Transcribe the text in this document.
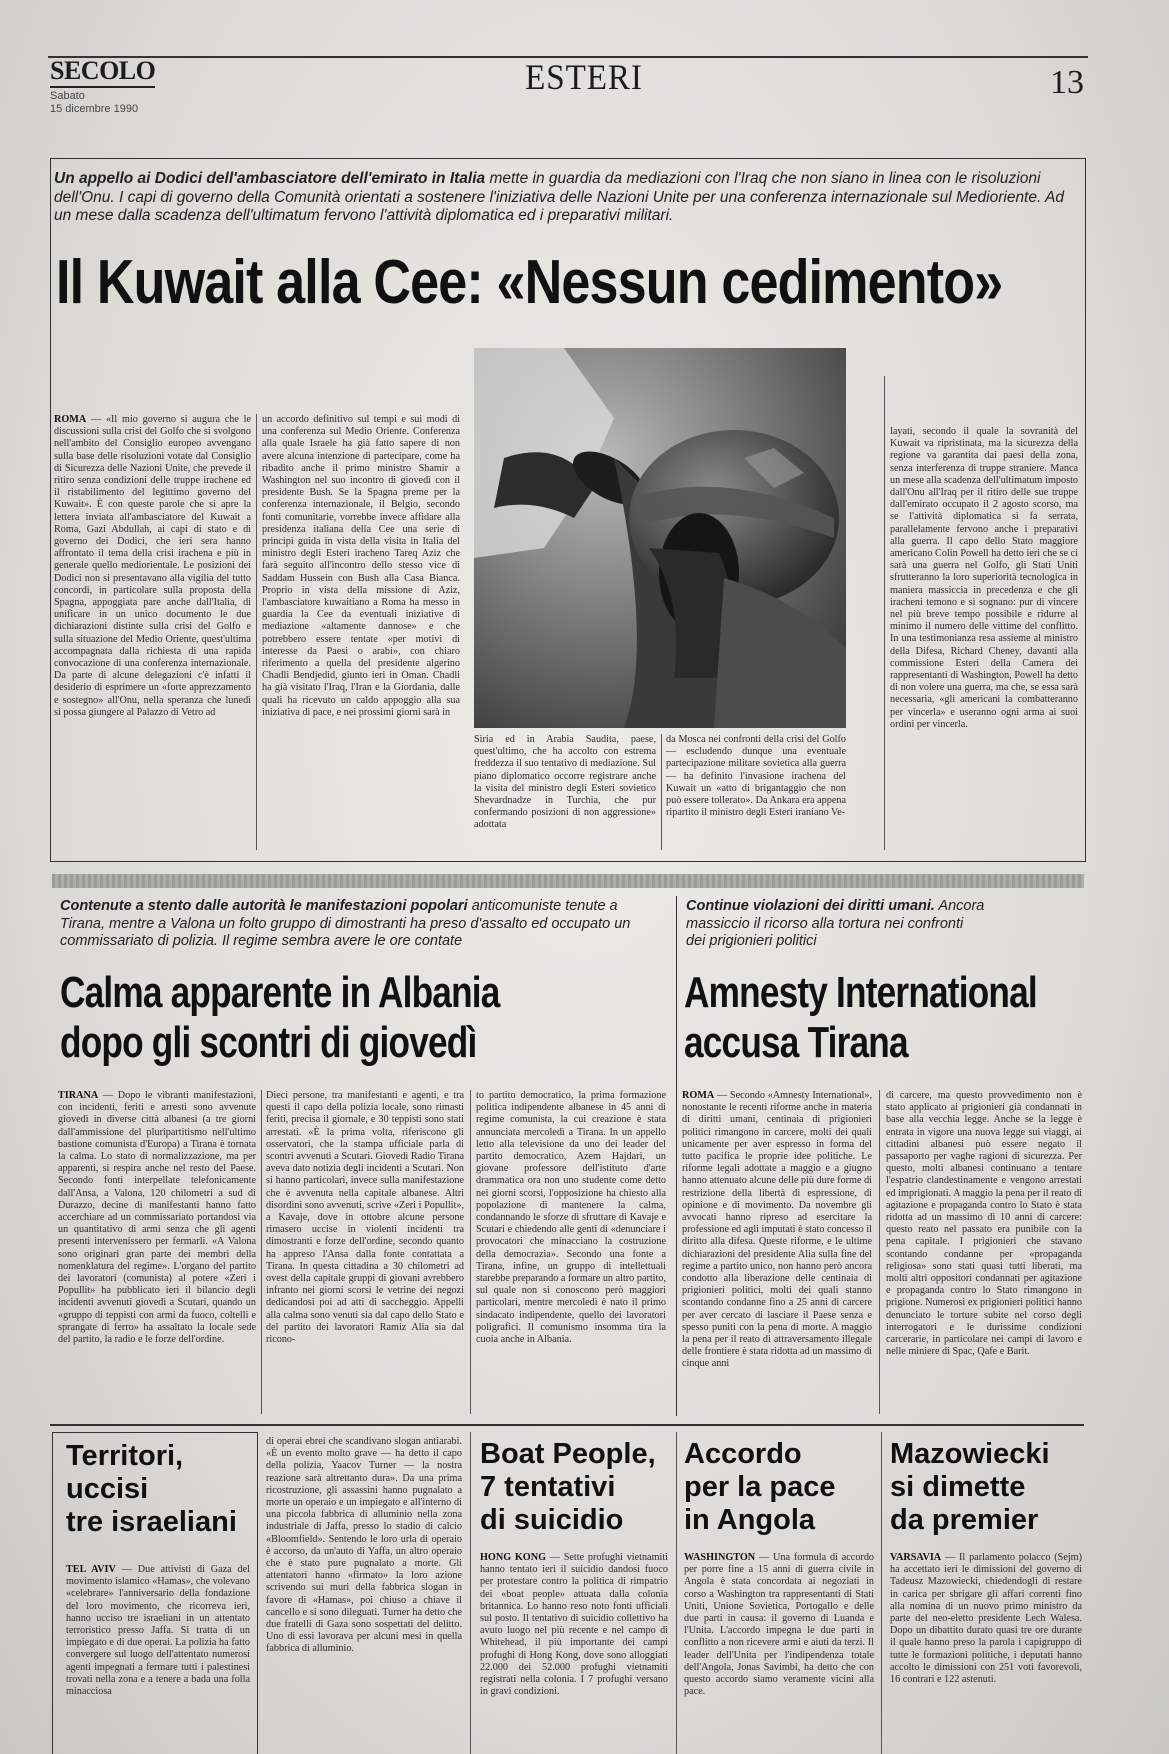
SECOLO
Sabato
15 dicembre 1990
ESTERI	13
Un appello ai Dodici dell'ambasciatore dell'emirato in Italia mette in guardia da mediazioni con l'Iraq che non siano in linea con le risoluzioni dell'Onu. I capi di governo della Comunità orientati a sostenere l'iniziativa delle Nazioni Unite per una conferenza internazionale sul Medioriente. Ad un mese dalla scadenza dell'ultimatum fervono l'attività diplomatica ed i preparativi militari.
Il Kuwait alla Cee: «Nessun cedimento»
ROMA — «Il mio governo si augura che le discussioni sulla crisi del Golfo che si svolgono nell'ambito del Consiglio europeo avvengano sulla base delle risoluzioni votate dal Consiglio di Sicurezza delle Nazioni Unite, che prevede il ritiro senza condizioni delle truppe irachene ed il ristabilimento del legittimo governo del Kuwait». È con queste parole che si apre la lettera inviata all'ambasciatore del Kuwait a Roma, Gazi Abdullah, ai capi di stato e di governo dei Dodici, che ieri sera hanno affrontato il tema della crisi irachena e più in generale quello mediorientale. Le posizioni dei Dodici non si presentavano alla vigilia del tutto concordi, in particolare sulla proposta della Spagna, appoggiata pare anche dall'Italia, di unificare in un unico documento le due dichiarazioni distinte sulla crisi del Golfo e sulla situazione del Medio Oriente, quest'ultima accompagnata dalla richiesta di una rapida convocazione di una conferenza internazionale. Da parte di alcune delegazioni c'è infatti il desiderio di esprimere un «forte apprezzamento e sostegno» all'Onu, nella speranza che lunedì si possa giungere al Palazzo di Vetro ad
un accordo definitivo sul tempi e sui modi di una conferenza sul Medio Oriente. Conferenza alla quale Israele ha già fatto sapere di non avere alcuna intenzione di partecipare, come ha ribadito anche il primo ministro Shamir a Washington nel suo incontro di giovedì con il presidente Bush. Se la Spagna preme per la conferenza internazionale, il Belgio, secondo fonti comunitarie, vorrebbe invece affidare alla presidenza italiana della Cee una serie di principi guida in vista della visita in Italia del ministro degli Esteri iracheno Tareq Aziz che farà seguito all'incontro dello stesso vice di Saddam Hussein con Bush alla Casa Bianca. Proprio in vista della missione di Aziz, l'ambasciatore kuwaitiano a Roma ha messo in guardia la Cee da eventuali iniziative di mediazione «altamente dannose» e che potrebbero essere tentate «per motivi di interesse da Paesi o arabi», con chiaro riferimento a quella del presidente algerino Chadli Bendjedid, giunto ieri in Oman. Chadli ha già visitato l'Iraq, l'Iran e la Giordania, dalle quali ha ricevuto un caldo appoggio alla sua iniziativa di pace, e nei prossimi giorni sarà in
Siria ed in Arabia Saudita, paese, quest'ultimo, che ha accolto con estrema freddezza il suo tentativo di mediazione. Sul piano diplomatico occorre registrare anche la visita del ministro degli Esteri sovietico Shevardnadze in Turchia, che pur confermando posizioni di non aggressione» adottata
da Mosca nei confronti della crisi del Golfo — escludendo dunque una eventuale partecipazione militare sovietica alla guerra — ha definito l'invasione irachena del Kuwait un «atto di brigantaggio che non può essere tollerato». Da Ankara era appena ripartito il ministro degli Esteri iraniano Ve-
layati, secondo il quale la sovranità del Kuwait va ripristinata, ma la sicurezza della regione va garantita dai paesi della zona, senza interferenza di truppe straniere. Manca un mese alla scadenza dell'ultimatum imposto dall'Onu all'Iraq per il ritiro delle sue truppe dall'emirato occupato il 2 agosto scorso, ma se l'attività diplomatica si fa serrata, parallelamente fervono anche i preparativi alla guerra. Il capo dello Stato maggiore americano Colin Powell ha detto ieri che se ci sarà una guerra nel Golfo, gli Stati Uniti sfrutteranno la loro superiorità tecnologica in maniera massiccia in precedenza e che gli iracheni temono e si sognano: pur di vincere nel più breve tempo possibile e ridurre al minimo il numero delle vittime del conflitto. In una testimonianza resa assieme al ministro della Difesa, Richard Cheney, davanti alla commissione Esteri della Camera dei rappresentanti di Washington, Powell ha detto di non volere una guerra, ma che, se essa sarà necessaria, «gli americani la combatteranno per vincerla» e useranno ogni arma ai suoi ordini per vincerla.
Contenute a stento dalle autorità le manifestazioni popolari anticomuniste tenute a Tirana, mentre a Valona un folto gruppo di dimostranti ha preso d'assalto ed occupato un commissariato di polizia. Il regime sembra avere le ore contate
Calma apparente in Albania
dopo gli scontri di giovedì
TIRANA — Dopo le vibranti manifestazioni, con incidenti, feriti e arresti sono avvenute giovedì in diverse città albanesi (a tre giorni dall'ammissione del pluripartitismo nell'ultimo bastione comunista d'Europa) a Tirana è tornata la calma. Lo stato di normalizzazione, ma per apparenti, si respira anche nel resto del Paese. Secondo fonti interpellate telefonicamente dall'Ansa, a Valona, 120 chilometri a sud di Durazzo, decine di manifestanti hanno fatto accerchiare ad un commissariato portandosi via un quantitativo di armi senza che gli agenti presenti intervenissero per fermarli. «A Valona sono originari gran parte dei membri della nomenklatura del regime». L'organo del partito dei lavoratori (comunista) al potere «Zeri i Popullit» ha pubblicato ieri il bilancio degli incidenti avvenuti giovedì a Scutari, quando un «gruppo di teppisti con armi da fuoco, coltelli e sprangate di ferro» ha assaltato la locale sede del partito, la radio e le forze dell'ordine.
Dieci persone, tra manifestanti e agenti, e tra questi il capo della polizia locale, sono rimasti feriti, precisa il giornale, e 30 teppisti sono stati arrestati. «È la prima volta, riferiscono gli osservatori, che la stampa ufficiale parla di scontri avvenuti a Scutari. Giovedì Radio Tirana aveva dato notizia degli incidenti a Scutari. Non si hanno particolari, invece sulla manifestazione che è avvenuta nella capitale albanese. Altri disordini sono avvenuti, scrive «Zeri i Popullit», a Kavaje, dove in ottobre alcune persone rimasero uccise in violenti incidenti tra dimostranti e forze dell'ordine, secondo quanto ha appreso l'Ansa dalla fonte contattata a Tirana. In questa cittadina a 30 chilometri ad ovest della capitale gruppi di giovani avrebbero infranto nei giorni scorsi le vetrine dei negozi dedicandosi poi ad atti di saccheggio. Appelli alla calma sono venuti sia dal capo dello Stato e del partito dei lavoratori Ramiz Alia sia dal ricono-
to partito democratico, la prima formazione politica indipendente albanese in 45 anni di regime comunista, la cui creazione è stata annunciata mercoledì a Tirana. In un appello letto alla televisione da uno dei leader del partito democratico, Azem Hajdari, un giovane professore dell'istituto d'arte drammatica ora non uno studente come detto nei giorni scorsi, l'opposizione ha chiesto alla popolazione di mantenere la calma, condannando le sforze di sfruttare di Kavaje e Scutari e chiedendo alle genti di «denunciare i provocatori che minacciano la costruzione della democrazia». Secondo una fonte a Tirana, infine, un gruppo di intellettuali starebbe preparando a formare un altro partito, sul quale non si conoscono però maggiori particolari, mentre mercoledì è nato il primo sindacato indipendente, quello dei lavoratori poligrafici. Il comunismo insomma tira la cuoia anche in Albania.
Continue violazioni dei diritti umani. Ancora massiccio il ricorso alla tortura nei confronti dei prigionieri politici
Amnesty International
accusa Tirana
ROMA — Secondo «Amnesty International», nonostante le recenti riforme anche in materia di diritti umani, centinaia di prigionieri politici rimangono in carcere, molti dei quali unicamente per aver espresso in forma del tutto pacifica le proprie idee politiche. Le riforme legali adottate a maggio e a giugno hanno attenuato alcune delle più dure forme di restrizione della libertà di espressione, di opinione e di movimento. Da novembre gli avvocati hanno ripreso ad esercitare la professione ed agli imputati è stato concesso il diritto alla difesa. Queste riforme, e le ultime dichiarazioni del presidente Alia sulla fine del regime a partito unico, non hanno però ancora condotto alla liberazione delle centinaia di prigionieri politici, molti dei quali stanno scontando condanne fino a 25 anni di carcere per aver cercato di lasciare il Paese senza e spesso puniti con la pena di morte. A maggio la pena per il reato di attraversamento illegale delle frontiere è stata ridotta ad un massimo di cinque anni
di carcere, ma questo provvedimento non è stato applicato ai prigionieri già condannati in base alla vecchia legge. Anche se la legge è entrata in vigore una nuova legge sui viaggi, ai cittadini albanesi può essere negato il passaporto per vaghe ragioni di sicurezza. Per questo, molti albanesi continuano a tentare l'espatrio clandestinamente e vengono arrestati ed imprigionati. A maggio la pena per il reato di agitazione e propaganda contro lo Stato è stata ridotta ad un massimo di 10 anni di carcere: questo reato nel passato era punibile con la pena capitale. I prigionieri che stavano scontando condanne per «propaganda religiosa» sono stati quasi tutti liberati, ma molti altri oppositori condannati per agitazione e propaganda contro lo Stato rimangono in prigione. Numerosi ex prigionieri politici hanno denunciato le torture subite nel corso degli interrogatori e le durissime condizioni carcerarie, in particolare nei campi di lavoro e nelle miniere di Spac, Qafe e Barit.
Territori,
uccisi
tre israeliani
TEL AVIV — Due attivisti di Gaza del movimento islamico «Hamas», che volevano «celebrare» l'anniversario della fondazione del loro movimento, che ricorreva ieri, hanno ucciso tre israeliani in un attentato terroristico presso Jaffa. Si tratta di un impiegato e di due operai. La polizia ha fatto convergere sul luogo dell'attentato numerosi agenti impegnati a fermare tutti i palestinesi trovati nella zona e a tenere a bada una folla minacciosa
di operai ebrei che scandivano slogan antiarabi. «È un evento molto grave — ha detto il capo della polizia, Yaacov Turner — la nostra reazione sarà altrettanto dura». Da una prima ricostruzione, gli assassini hanno pugnalato a morte un operaio e un impiegato e all'interno di una piccola fabbrica di alluminio nella zona industriale di Jaffa, presso lo stadio di calcio «Bloomfield». Sentendo le loro urla di operaio è accorso, da un'auto di Yaffa, un altro operaio che è stato pure pugnalato a morte. Gli attentatori hanno «firmato» la loro azione scrivendo sui muri della fabbrica slogan in favore di «Hamas», poi chiuso a chiave il cancello e si sono dileguati. Turner ha detto che due fratelli di Gaza sono sospettati del delitto. Uno di essi lavorava per alcuni mesi in quella fabbrica di alluminio.
Boat People,
7 tentativi
di suicidio
HONG KONG — Sette profughi vietnamiti hanno tentato ieri il suicidio dandosi fuoco per protestare contro la politica di rimpatrio dei «boat people» attuata dalla colonia britannica. Lo hanno reso noto fonti ufficiali sul posto. Il tentativo di suicidio collettivo ha avuto luogo nel più recente e nel campo di Whitehead, il più importante dei campi profughi di Hong Kong, dove sono alloggiati 22.000 dei 52.000 profughi vietnamiti registrati nella colonia. I 7 profughi versano in gravi condizioni.
Accordo
per la pace
in Angola
WASHINGTON — Una formula di accordo per porre fine a 15 anni di guerra civile in Angola è stata concordata ai negoziati in corso a Washington tra rappresentanti di Stati Uniti, Unione Sovietica, Portogallo e delle due parti in causa: il governo di Luanda e l'Unita. L'accordo impegna le due parti in conflitto a non ricevere armi e aiuti da terzi. Il leader dell'Unita per l'indipendenza totale dell'Angola, Jonas Savimbi, ha detto che con questo accordo siamo veramente vicini alla pace.
Mazowiecki
si dimette
da premier
VARSAVIA — Il parlamento polacco (Sejm) ha accettato ieri le dimissioni del governo di Tadeusz Mazowiecki, chiedendogli di restare in carica per sbrigare gli affari correnti fino alla nomina di un nuovo primo ministro da parte del neo-eletto presidente Lech Walesa. Dopo un dibattito durato quasi tre ore durante il quale hanno preso la parola i capigruppo di tutte le formazioni politiche, i deputati hanno accolto le dimissioni con 251 voti favorevoli, 16 contrari e 122 astenuti.
